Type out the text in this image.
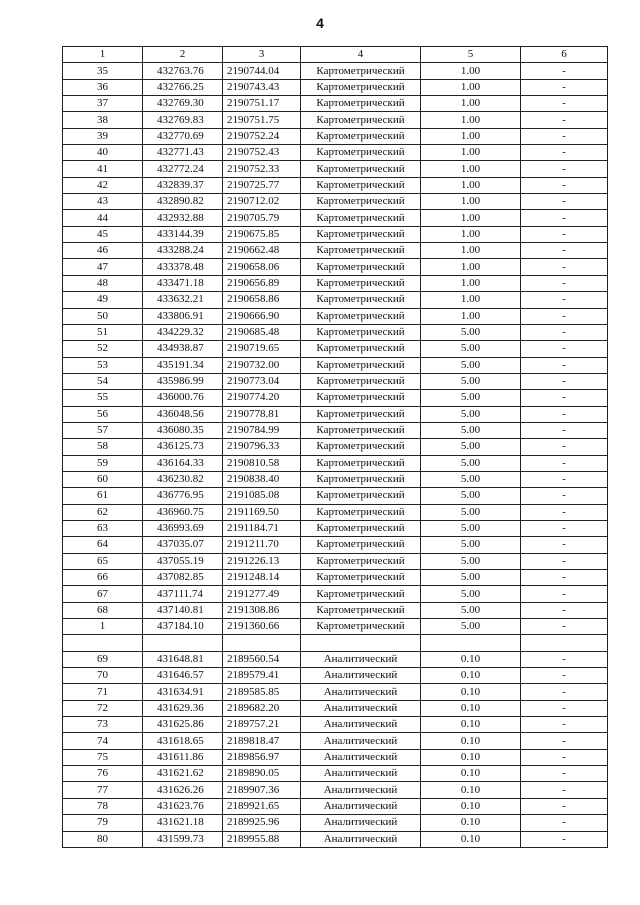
4
1	2	3	4	5	6
35	432763.76	2190744.04	Картометрический	1.00	-
36	432766.25	2190743.43	Картометрический	1.00	-
37	432769.30	2190751.17	Картометрический	1.00	-
38	432769.83	2190751.75	Картометрический	1.00	-
39	432770.69	2190752.24	Картометрический	1.00	-
40	432771.43	2190752.43	Картометрический	1.00	-
41	432772.24	2190752.33	Картометрический	1.00	-
42	432839.37	2190725.77	Картометрический	1.00	-
43	432890.82	2190712.02	Картометрический	1.00	-
44	432932.88	2190705.79	Картометрический	1.00	-
45	433144.39	2190675.85	Картометрический	1.00	-
46	433288.24	2190662.48	Картометрический	1.00	-
47	433378.48	2190658.06	Картометрический	1.00	-
48	433471.18	2190656.89	Картометрический	1.00	-
49	433632.21	2190658.86	Картометрический	1.00	-
50	433806.91	2190666.90	Картометрический	1.00	-
51	434229.32	2190685.48	Картометрический	5.00	-
52	434938.87	2190719.65	Картометрический	5.00	-
53	435191.34	2190732.00	Картометрический	5.00	-
54	435986.99	2190773.04	Картометрический	5.00	-
55	436000.76	2190774.20	Картометрический	5.00	-
56	436048.56	2190778.81	Картометрический	5.00	-
57	436080.35	2190784.99	Картометрический	5.00	-
58	436125.73	2190796.33	Картометрический	5.00	-
59	436164.33	2190810.58	Картометрический	5.00	-
60	436230.82	2190838.40	Картометрический	5.00	-
61	436776.95	2191085.08	Картометрический	5.00	-
62	436960.75	2191169.50	Картометрический	5.00	-
63	436993.69	2191184.71	Картометрический	5.00	-
64	437035.07	2191211.70	Картометрический	5.00	-
65	437055.19	2191226.13	Картометрический	5.00	-
66	437082.85	2191248.14	Картометрический	5.00	-
67	437111.74	2191277.49	Картометрический	5.00	-
68	437140.81	2191308.86	Картометрический	5.00	-
1	437184.10	2191360.66	Картометрический	5.00	-

69	431648.81	2189560.54	Аналитический	0.10	-
70	431646.57	2189579.41	Аналитический	0.10	-
71	431634.91	2189585.85	Аналитический	0.10	-
72	431629.36	2189682.20	Аналитический	0.10	-
73	431625.86	2189757.21	Аналитический	0.10	-
74	431618.65	2189818.47	Аналитический	0.10	-
75	431611.86	2189856.97	Аналитический	0.10	-
76	431621.62	2189890.05	Аналитический	0.10	-
77	431626.26	2189907.36	Аналитический	0.10	-
78	431623.76	2189921.65	Аналитический	0.10	-
79	431621.18	2189925.96	Аналитический	0.10	-
80	431599.73	2189955.88	Аналитический	0.10	-
